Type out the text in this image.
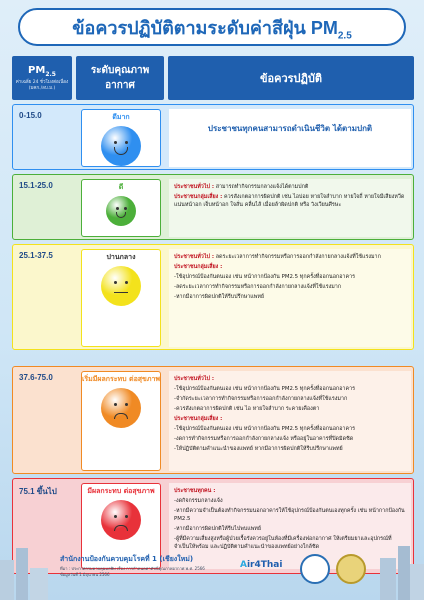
ข้อควรปฏิบัติตามระดับค่าสีฝุ่น $PM_{2.5}$
$PM_{2.5}$
ค่าเฉลี่ย 24 ชั่วโมงต่อเนื่อง (มคก./ลบ.ม.)
ระดับคุณภาพ
อากาศ
ข้อควรปฏิบัติ
0-15.0	ดีมาก

ประชาชนทุกคนสามารถดำเนินชีวิต ได้ตามปกติ

15.1-25.0	ดี	ประชาชนทั่วไป : สามารถทำกิจกรรมกลางแจ้งได้ตามปกติ

ประชาชนกลุ่มเสี่ยง : ควรสังเกตอาการผิดปกติ เช่น ไอบ่อย หายใจลำบาก หายใจถี่ หายใจมีเสียงหวีด แน่นหน้าอก เจ็บหน้าอก ใจสั่น คลื่นไส้ เมื่อยล้าผิดปกติ หรือ วิงเวียนศีรษะ

25.1-37.5	ปานกลาง	ประชาชนทั่วไป : ลดระยะเวลาการทำกิจกรรมหรือการออกกำลังกายกลางแจ้งที่ใช้แรงมาก

ประชาชนกลุ่มเสี่ยง :

-ใช้อุปกรณ์ป้องกันตนเอง เช่น หน้ากากป้องกัน PM2.5 ทุกครั้งที่ออกนอกอาคาร

-ลดระยะเวลาการทำกิจกรรมหรือการออกกำลังกายกลางแจ้งที่ใช้แรงมาก

-หากมีอาการผิดปกติให้รีบปรึกษาแพทย์

37.6-75.0	เริ่มมีผลกระทบ ต่อสุขภาพ	ประชาชนทั่วไป :

-ใช้อุปกรณ์ป้องกันตนเอง เช่น หน้ากากป้องกัน PM2.5 ทุกครั้งที่ออกนอกอาคาร

-จำกัดระยะเวลาการทำกิจกรรมหรือการออกกำลังกายกลางแจ้งที่ใช้แรงมาก

-ควรสังเกตอาการผิดปกติ เช่น ไอ หายใจลำบาก ระคายเคืองตา

ประชาชนกลุ่มเสี่ยง :

-ใช้อุปกรณ์ป้องกันตนเอง เช่น หน้ากากป้องกัน PM2.5 ทุกครั้งที่ออกนอกอาคาร

-งดการทำกิจกรรมหรือการออกกำลังกายกลางแจ้ง หรืออยู่ในอาคารที่ปิดมิดชิด

-ให้ปฏิบัติตามคำแนะนำของแพทย์ หากมีอาการผิดปกติให้รีบปรึกษาแพทย์

75.1 ขึ้นไป	มีผลกระทบ ต่อสุขภาพ	ประชาชนทุกคน :

-งดกิจกรรมกลางแจ้ง

-หากมีความจำเป็นต้องทำกิจกรรมนอกอาคารให้ใช้อุปกรณ์ป้องกันตนเองทุกครั้ง เช่น หน้ากากป้องกัน PM2.5

-หากมีอาการผิดปกติให้รีบไปพบแพทย์

-ผู้ที่มีความเสี่ยงสูงหรือผู้ป่วยเรื้อรังควรอยู่ในห้องที่มีเครื่องฟอกอากาศ ให้เตรียมยาและอุปกรณ์ที่จำเป็นให้พร้อม และปฏิบัติตามคำแนะนำของแพทย์อย่างใกล้ชิด

สำนักงานป้องกันควบคุมโรคที่ 1 (เชียงใหม่)
ที่มา : ประกาศกรมควบคุมมลพิษ เรื่อง การกำหนดค่าดัชนีคุณภาพอากาศ พ.ศ. 2566
ข้อมูลวันที่ 1 มิถุนายน 2566
Air4Thai
